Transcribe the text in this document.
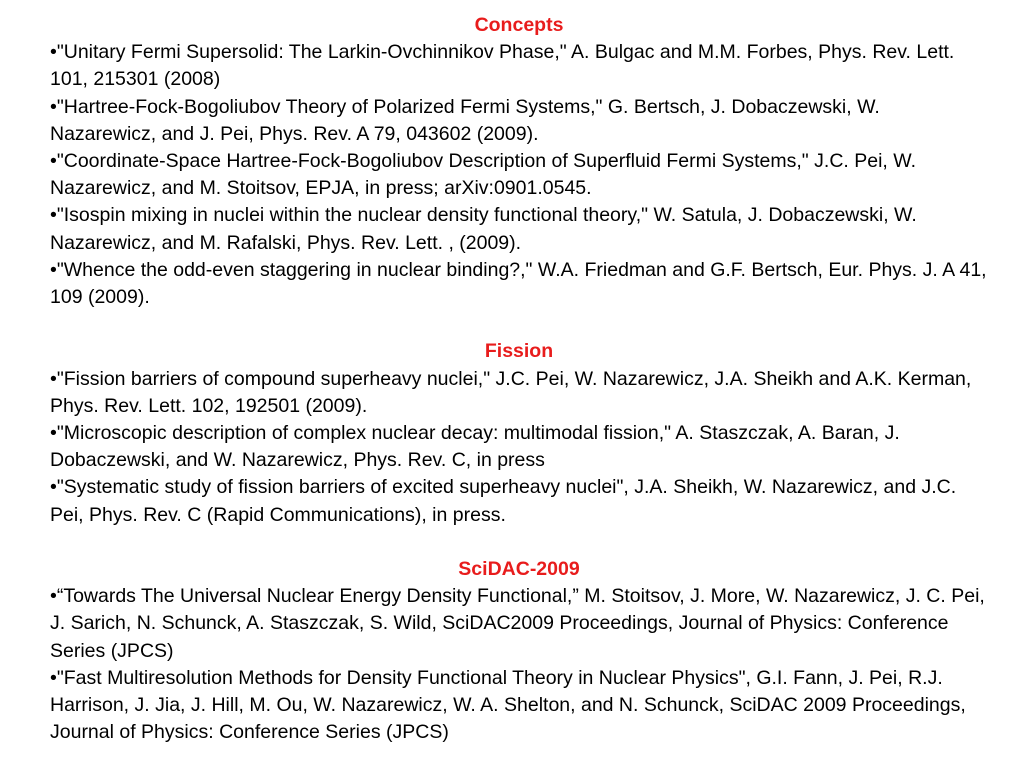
Concepts
•"Unitary Fermi Supersolid: The Larkin-Ovchinnikov Phase," A. Bulgac and M.M. Forbes, Phys. Rev. Lett. 101, 215301 (2008)
•"Hartree-Fock-Bogoliubov Theory of Polarized Fermi Systems," G. Bertsch, J. Dobaczewski, W. Nazarewicz, and J. Pei, Phys. Rev. A 79, 043602 (2009).
•"Coordinate-Space Hartree-Fock-Bogoliubov Description of Superfluid Fermi Systems," J.C. Pei, W. Nazarewicz, and M. Stoitsov, EPJA, in press; arXiv:0901.0545.
•"Isospin mixing in nuclei within the nuclear density functional theory," W. Satula, J. Dobaczewski, W. Nazarewicz, and M. Rafalski, Phys. Rev. Lett. , (2009).
•"Whence the odd-even staggering in nuclear binding?," W.A. Friedman and G.F. Bertsch, Eur. Phys. J. A 41, 109 (2009).
Fission
•"Fission barriers of compound superheavy nuclei," J.C. Pei, W. Nazarewicz, J.A. Sheikh and A.K. Kerman, Phys. Rev. Lett. 102, 192501 (2009).
•"Microscopic description of complex nuclear decay: multimodal fission," A. Staszczak, A. Baran, J. Dobaczewski, and W. Nazarewicz, Phys. Rev. C, in press
•"Systematic study of fission barriers of excited superheavy nuclei", J.A. Sheikh, W. Nazarewicz, and J.C. Pei, Phys. Rev. C (Rapid Communications), in press.
SciDAC-2009
•“Towards The Universal Nuclear Energy Density Functional,” M. Stoitsov, J. More, W. Nazarewicz, J. C. Pei, J. Sarich, N. Schunck, A. Staszczak, S. Wild, SciDAC2009 Proceedings, Journal of Physics: Conference Series (JPCS)
•"Fast Multiresolution Methods for Density Functional Theory in Nuclear Physics", G.I. Fann, J. Pei, R.J. Harrison, J. Jia, J. Hill, M. Ou, W. Nazarewicz, W. A. Shelton, and N. Schunck, SciDAC 2009 Proceedings, Journal of Physics: Conference Series (JPCS)
